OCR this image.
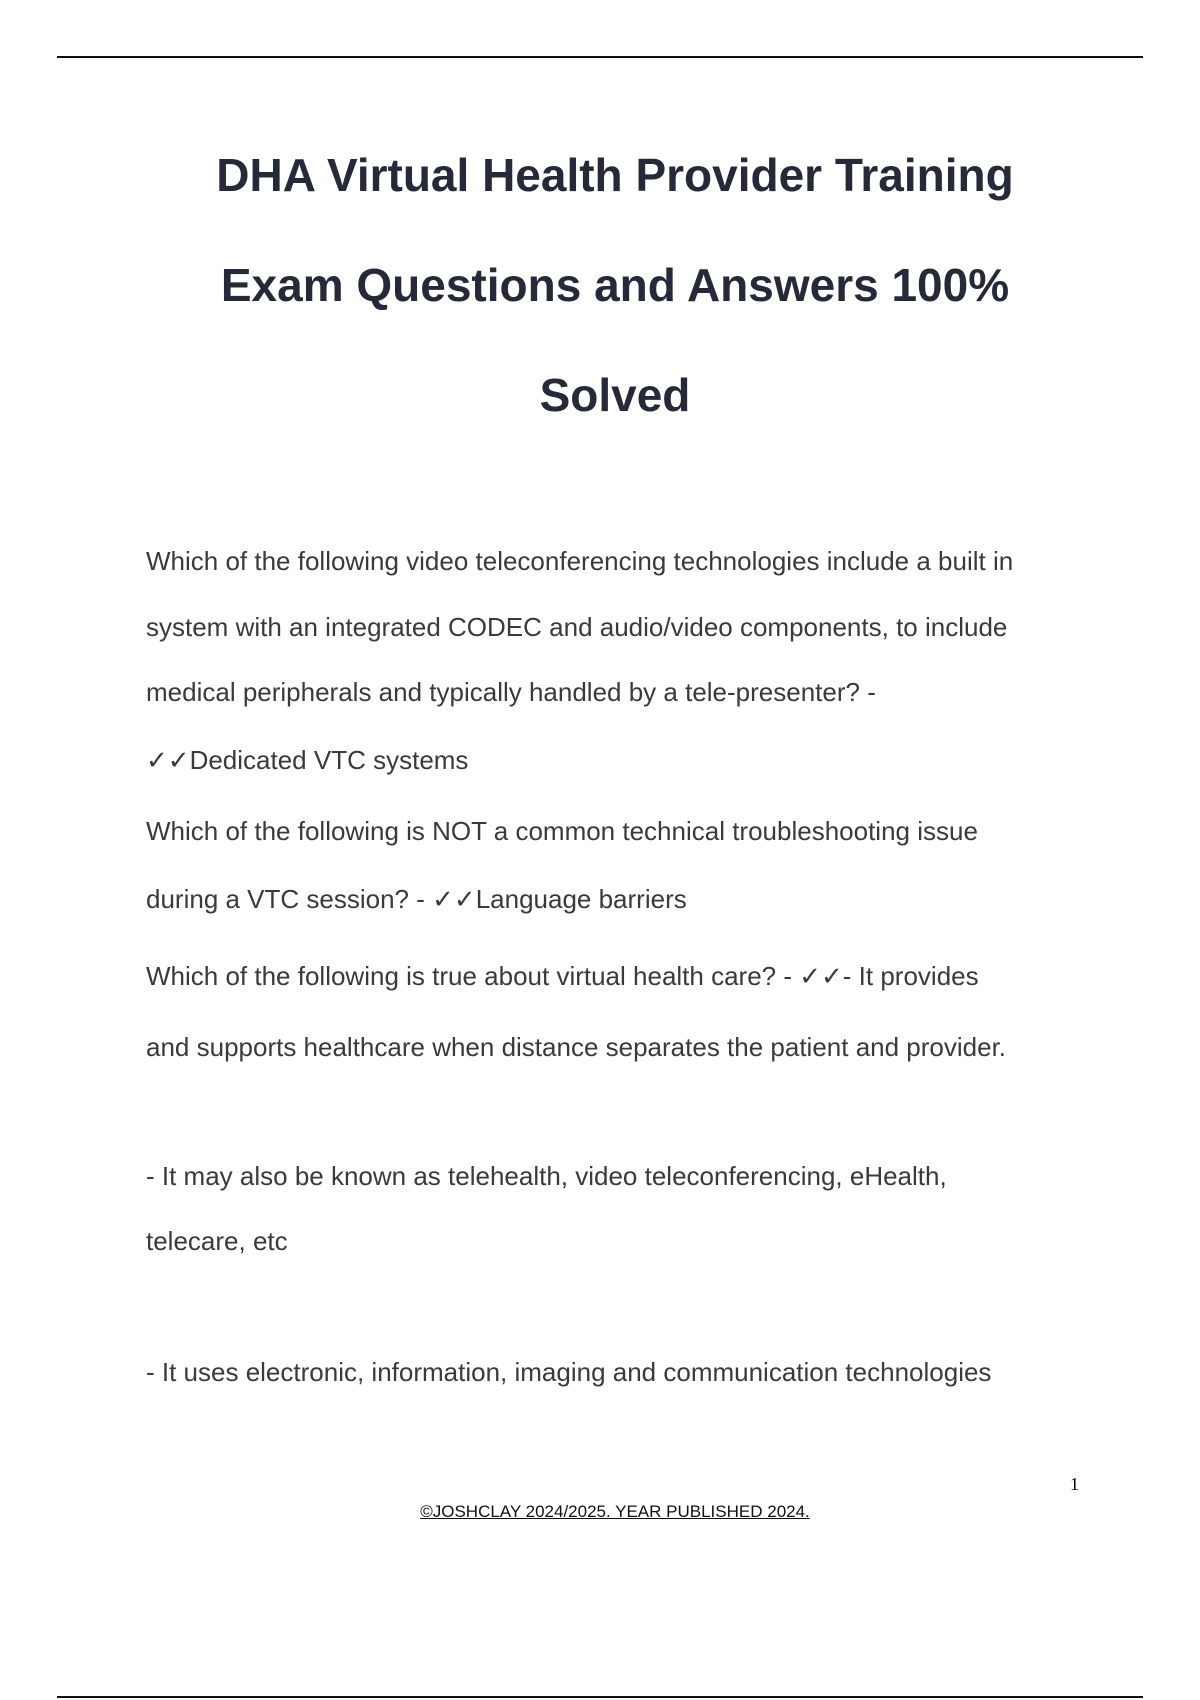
DHA Virtual Health Provider Training
Exam Questions and Answers 100%
Solved
Which of the following video teleconferencing technologies include a built in
system with an integrated CODEC and audio/video components, to include
medical peripherals and typically handled by a tele-presenter? -
✓✓Dedicated VTC systems
Which of the following is NOT a common technical troubleshooting issue
during a VTC session? - ✓✓Language barriers
Which of the following is true about virtual health care? - ✓✓- It provides
and supports healthcare when distance separates the patient and provider.
- It may also be known as telehealth, video teleconferencing, eHealth,
telecare, etc
- It uses electronic, information, imaging and communication technologies
1
©JOSHCLAY 2024/2025. YEAR PUBLISHED 2024.
